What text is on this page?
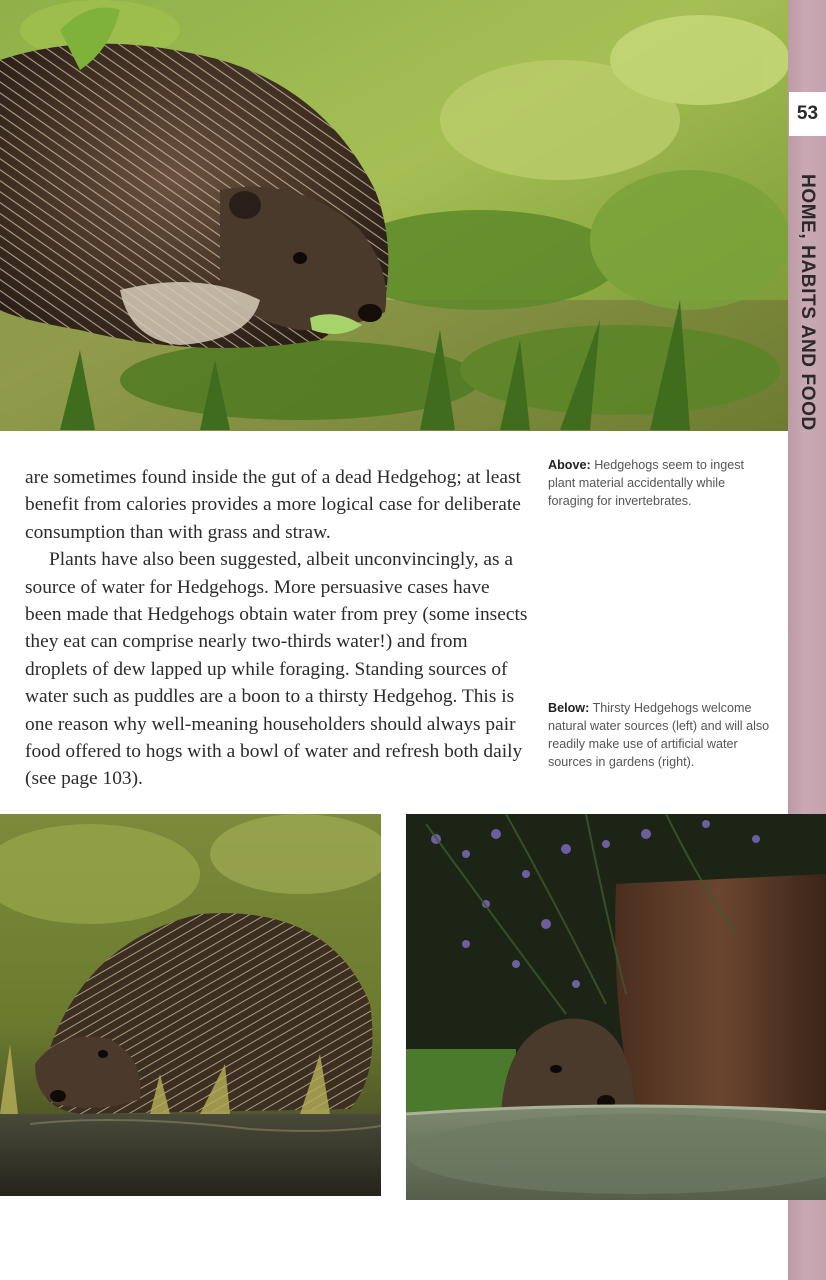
53
HOME, HABITS AND FOOD

are sometimes found inside the gut of a dead Hedgehog; at least benefit from calories provides a more logical case for deliberate consumption than with grass and straw.

Plants have also been suggested, albeit unconvincingly, as a source of water for Hedgehogs. More persuasive cases have been made that Hedgehogs obtain water from prey (some insects they eat can comprise nearly two-thirds water!) and from droplets of dew lapped up while foraging. Standing sources of water such as puddles are a boon to a thirsty Hedgehog. This is one reason why well-meaning householders should always pair food offered to hogs with a bowl of water and refresh both daily (see page 103).

Above: Hedgehogs seem to ingest plant material accidentally while foraging for invertebrates.
Below: Thirsty Hedgehogs welcome natural water sources (left) and will also readily make use of artificial water sources in gardens (right).
